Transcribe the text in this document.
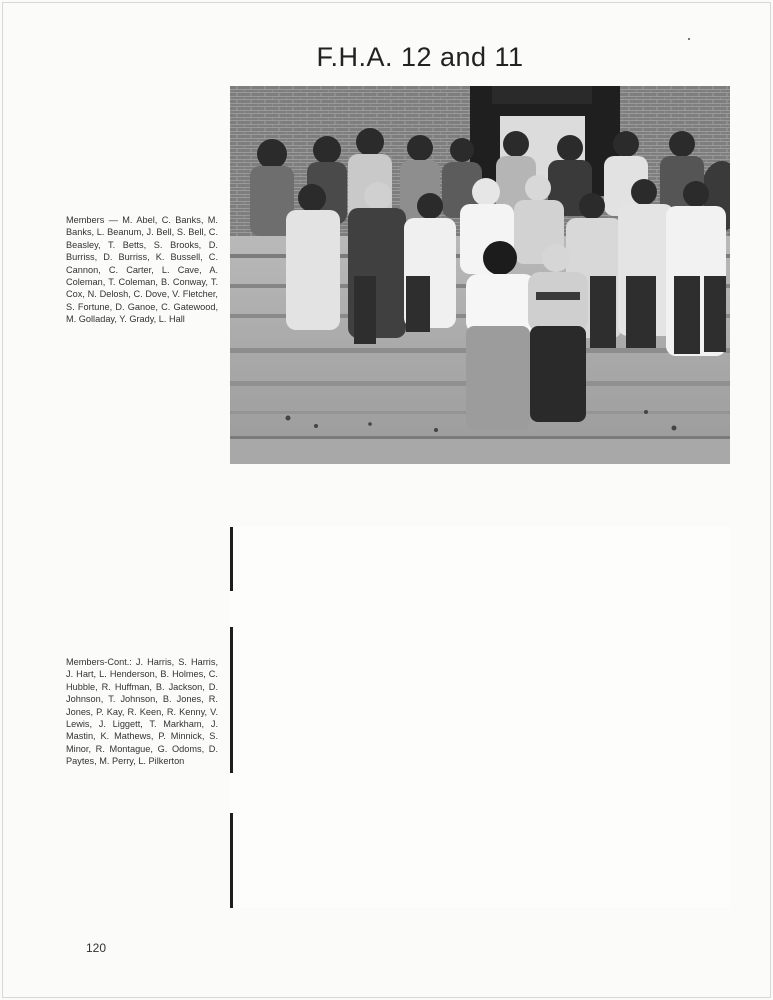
F.H.A. 12 and 11
Members — M. Abel, C. Banks, M. Banks, L. Beanum, J. Bell, S. Bell, C. Beasley, T. Betts, S. Brooks, D. Burriss, D. Burriss, K. Bussell, C. Cannon, C. Carter, L. Cave, A. Coleman, T. Coleman, B. Conway, T. Cox, N. Delosh, C. Dove, V. Fletcher, S. Fortune, D. Ganoe, C. Gatewood, M. Golladay, Y. Grady, L. Hall
Members-Cont.: J. Harris, S. Harris, J. Hart, L. Henderson, B. Holmes, C. Hubble, R. Huffman, B. Jackson, D. Johnson, T. Johnson, B. Jones, R. Jones, P. Kay, R. Keen, R. Kenny, V. Lewis, J. Liggett, T. Markham, J. Mastin, K. Mathews, P. Minnick, S. Minor, R. Montague, G. Odoms, D. Paytes, M. Perry, L. Pilkerton
120
